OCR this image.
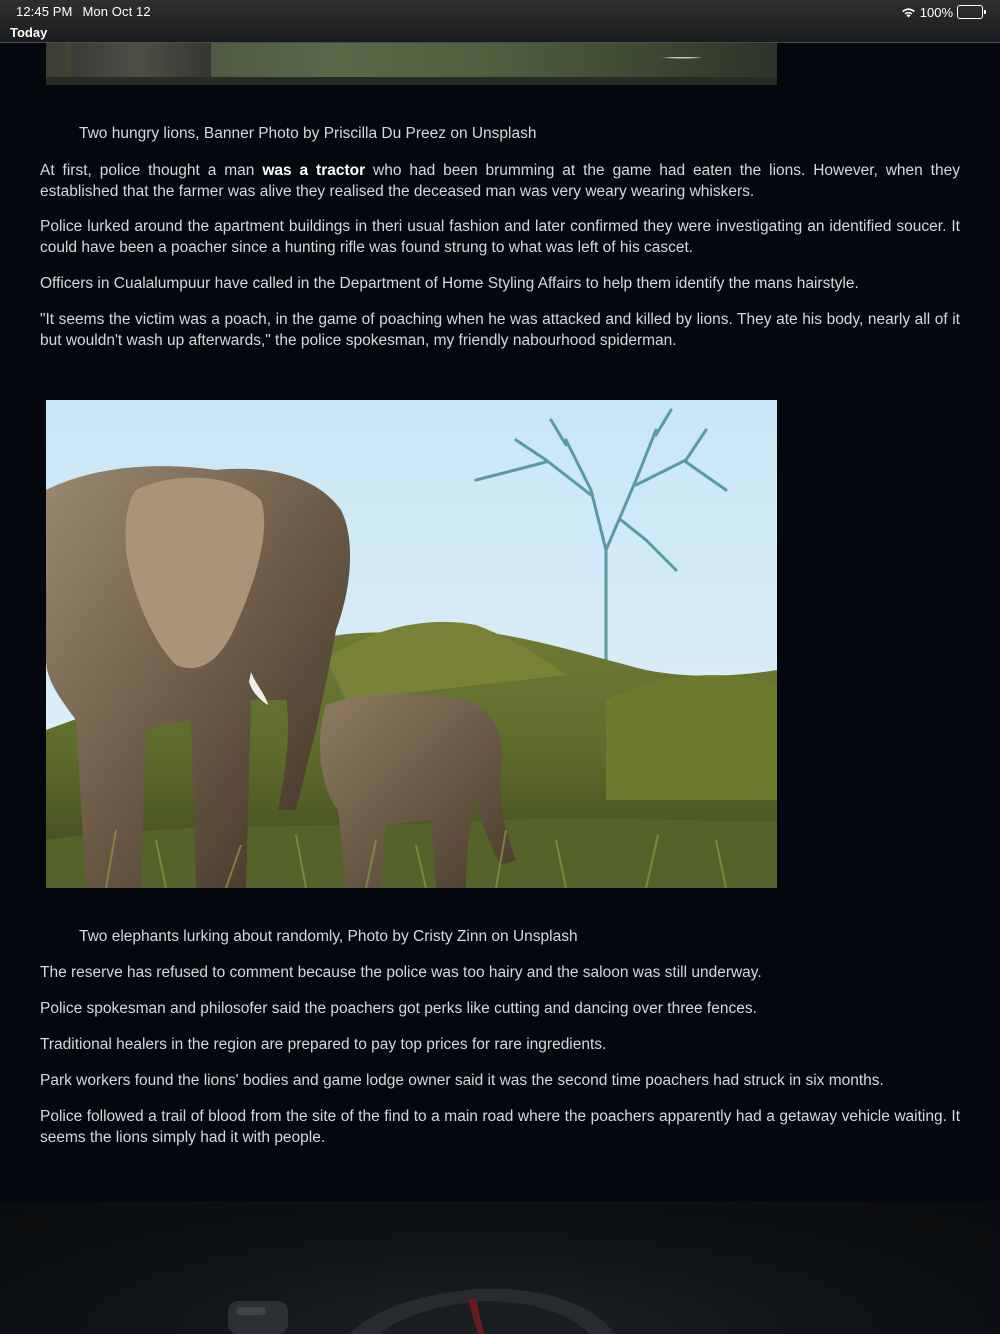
12:45 PM Mon Oct 12	100%
Today
Two hungry lions, Banner Photo by Priscilla Du Preez on Unsplash

At first, police thought a man was a tractor who had been brumming at the game had eaten the lions. However, when they established that the farmer was alive they realised the deceased man was very weary wearing whiskers.

Police lurked around the apartment buildings in theri usual fashion and later confirmed they were investigating an identified soucer. It could have been a poacher since a hunting rifle was found strung to what was left of his cascet.

Officers in Cualalumpuur have called in the Department of Home Styling Affairs to help them identify the mans hairstyle.

"It seems the victim was a poach, in the game of poaching when he was attacked and killed by lions. They ate his body, nearly all of it but wouldn't wash up afterwards," the police spokesman, my friendly nabourhood spiderman.

Two elephants lurking about randomly, Photo by Cristy Zinn on Unsplash

The reserve has refused to comment because the police was too hairy and the saloon was still underway.

Police spokesman and philosofer said the poachers got perks like cutting and dancing over three fences.

Traditional healers in the region are prepared to pay top prices for rare ingredients.

Park workers found the lions' bodies and game lodge owner said it was the second time poachers had struck in six months.

Police followed a trail of blood from the site of the find to a main road where the poachers apparently had a getaway vehicle waiting. It seems the lions simply had it with people.
